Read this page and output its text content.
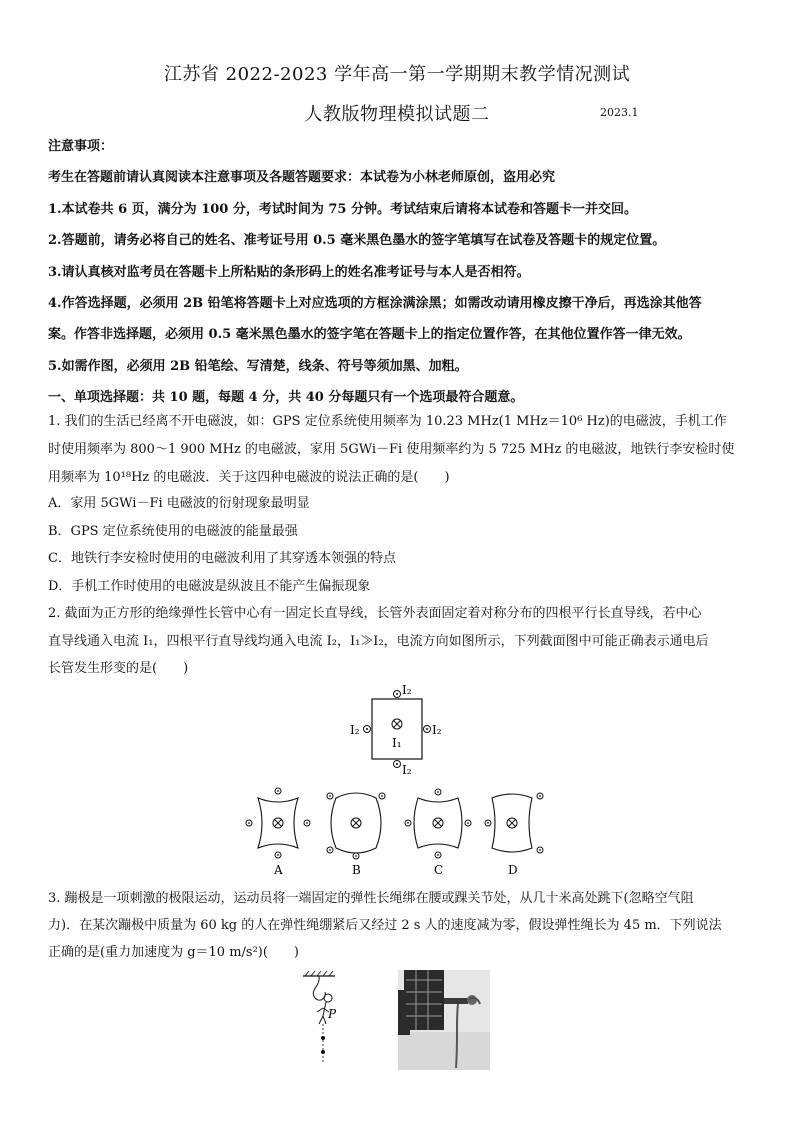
江苏省 2022-2023 学年高一第一学期期末教学情况测试
人教版物理模拟试题二	2023.1
注意事项：
考生在答题前请认真阅读本注意事项及各题答题要求：本试卷为小林老师原创，盗用必究
1.本试卷共 6 页，满分为 100 分，考试时间为 75 分钟。考试结束后请将本试卷和答题卡一并交回。
2.答题前，请务必将自己的姓名、准考证号用 0.5 毫米黑色墨水的签字笔填写在试卷及答题卡的规定位置。
3.请认真核对监考员在答题卡上所粘贴的条形码上的姓名准考证号与本人是否相符。
4.作答选择题，必须用 2B 铅笔将答题卡上对应选项的方框涂满涂黑；如需改动请用橡皮擦干净后，再选涂其他答
案。作答非选择题，必须用 0.5 毫米黑色墨水的签字笔在答题卡上的指定位置作答，在其他位置作答一律无效。
5.如需作图，必须用 2B 铅笔绘、写清楚，线条、符号等须加黑、加粗。
一、单项选择题：共 10 题，每题 4 分，共 40 分每题只有一个选项最符合题意。
1. 我们的生活已经离不开电磁波，如：GPS 定位系统使用频率为 10.23 MHz(1 MHz＝10⁶ Hz)的电磁波，手机工作
时使用频率为 800～1 900 MHz 的电磁波，家用 5GWi－Fi 使用频率约为 5 725 MHz 的电磁波，地铁行李安检时使
用频率为 10¹⁸Hz 的电磁波．关于这四种电磁波的说法正确的是(　　)
A．家用 5GWi－Fi 电磁波的衍射现象最明显
B．GPS 定位系统使用的电磁波的能量最强
C．地铁行李安检时使用的电磁波利用了其穿透本领强的特点
D．手机工作时使用的电磁波是纵波且不能产生偏振现象
2. 截面为正方形的绝缘弹性长管中心有一固定长直导线，长管外表面固定着对称分布的四根平行长直导线，若中心
直导线通入电流 I₁，四根平行直导线均通入电流 I₂，I₁≫I₂，电流方向如图所示，下列截面图中可能正确表示通电后
长管发生形变的是(　　)
I₁
I₂
I₂
I₂	I₂
A	B	C	D
3. 蹦极是一项刺激的极限运动，运动员将一端固定的弹性长绳绑在腰或踝关节处，从几十米高处跳下(忽略空气阻
力)．在某次蹦极中质量为 60 kg 的人在弹性绳绷紧后又经过 2 s 人的速度减为零，假设弹性绳长为 45 m．下列说法
正确的是(重力加速度为 g＝10 m/s²)(　　)
P
